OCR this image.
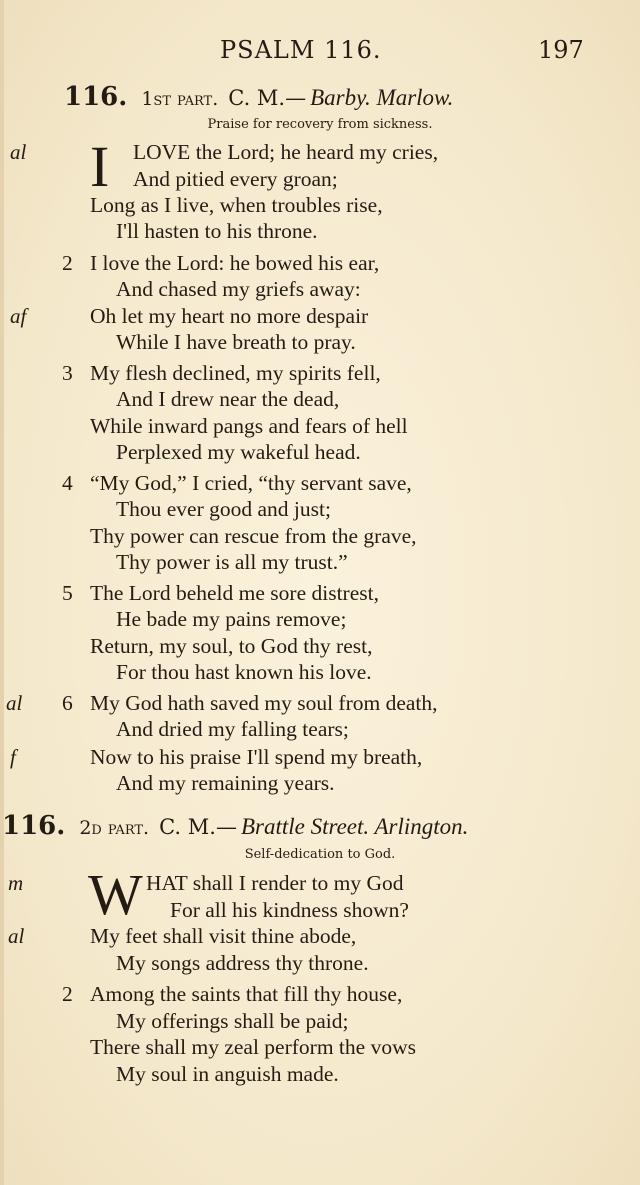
PSALM 116.	197
116. 1st part. C. M.— Barby. Marlow.
Praise for recovery from sickness.
al
af
al
f
I
2
3
4
5
6
LOVE the Lord; he heard my cries,
And pitied every groan;
Long as I live, when troubles rise,
I'll hasten to his throne.
I love the Lord: he bowed his ear,
And chased my griefs away:
Oh let my heart no more despair
While I have breath to pray.
My flesh declined, my spirits fell,
And I drew near the dead,
While inward pangs and fears of hell
Perplexed my wakeful head.
“My God,” I cried, “thy servant save,
Thou ever good and just;
Thy power can rescue from the grave,
Thy power is all my trust.”
The Lord beheld me sore distrest,
He bade my pains remove;
Return, my soul, to God thy rest,
For thou hast known his love.
My God hath saved my soul from death,
And dried my falling tears;
Now to his praise I'll spend my breath,
And my remaining years.
116. 2d part. C. M.— Brattle Street. Arlington.
Self-dedication to God.
m
al
W
2
HAT shall I render to my God
For all his kindness shown?
My feet shall visit thine abode,
My songs address thy throne.
Among the saints that fill thy house,
My offerings shall be paid;
There shall my zeal perform the vows
My soul in anguish made.
